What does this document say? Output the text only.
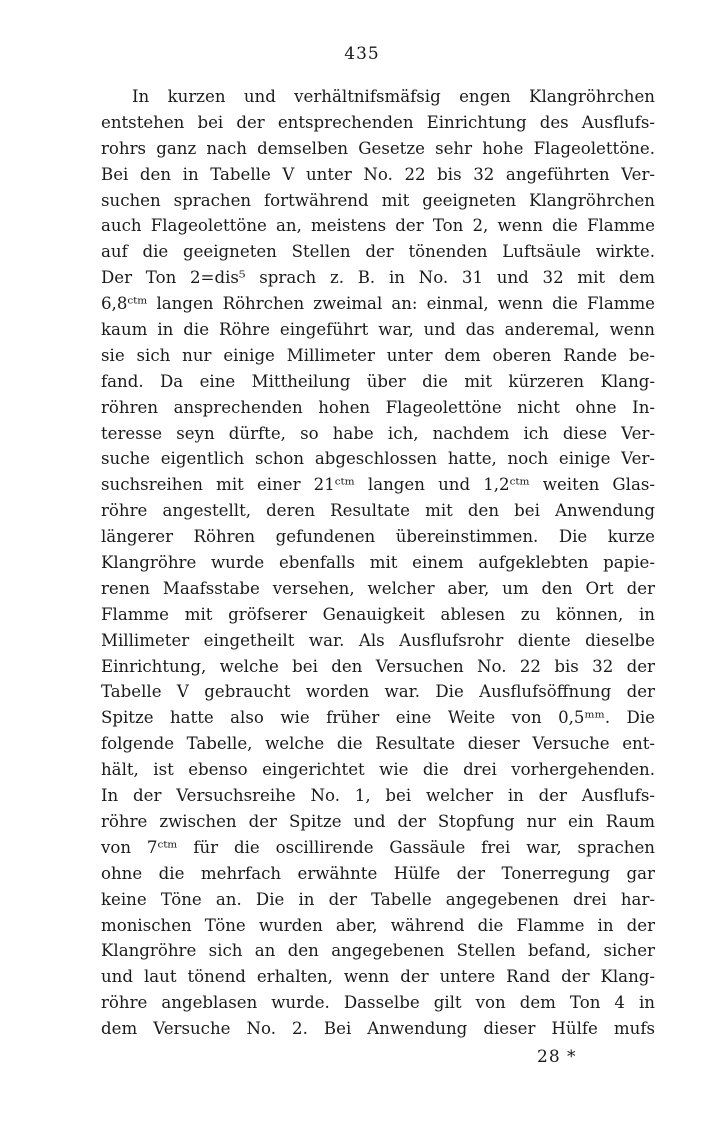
435
In kurzen und verhältnifsmäfsig engen Klangröhrchen
entstehen bei der entsprechenden Einrichtung des Ausflufs-
rohrs ganz nach demselben Gesetze sehr hohe Flageolettöne.
Bei den in Tabelle V unter No. 22 bis 32 angeführten Ver-
suchen sprachen fortwährend mit geeigneten Klangröhrchen
auch Flageolettöne an, meistens der Ton 2, wenn die Flamme
auf die geeigneten Stellen der tönenden Luftsäule wirkte.
Der Ton 2=dis⁵ sprach z. B. in No. 31 und 32 mit dem
6,8ᶜᵗᵐ langen Röhrchen zweimal an: einmal, wenn die Flamme
kaum in die Röhre eingeführt war, und das anderemal, wenn
sie sich nur einige Millimeter unter dem oberen Rande be-
fand. Da eine Mittheilung über die mit kürzeren Klang-
röhren ansprechenden hohen Flageolettöne nicht ohne In-
teresse seyn dürfte, so habe ich, nachdem ich diese Ver-
suche eigentlich schon abgeschlossen hatte, noch einige Ver-
suchsreihen mit einer 21ᶜᵗᵐ langen und 1,2ᶜᵗᵐ weiten Glas-
röhre angestellt, deren Resultate mit den bei Anwendung
längerer Röhren gefundenen übereinstimmen. Die kurze
Klangröhre wurde ebenfalls mit einem aufgeklebten papie-
renen Maafsstabe versehen, welcher aber, um den Ort der
Flamme mit gröfserer Genauigkeit ablesen zu können, in
Millimeter eingetheilt war. Als Ausflufsrohr diente dieselbe
Einrichtung, welche bei den Versuchen No. 22 bis 32 der
Tabelle V gebraucht worden war. Die Ausflufsöffnung der
Spitze hatte also wie früher eine Weite von 0,5ᵐᵐ. Die
folgende Tabelle, welche die Resultate dieser Versuche ent-
hält, ist ebenso eingerichtet wie die drei vorhergehenden.
In der Versuchsreihe No. 1, bei welcher in der Ausflufs-
röhre zwischen der Spitze und der Stopfung nur ein Raum
von 7ᶜᵗᵐ für die oscillirende Gassäule frei war, sprachen
ohne die mehrfach erwähnte Hülfe der Tonerregung gar
keine Töne an. Die in der Tabelle angegebenen drei har-
monischen Töne wurden aber, während die Flamme in der
Klangröhre sich an den angegebenen Stellen befand, sicher
und laut tönend erhalten, wenn der untere Rand der Klang-
röhre angeblasen wurde. Dasselbe gilt von dem Ton 4 in
dem Versuche No. 2. Bei Anwendung dieser Hülfe mufs
28 *
